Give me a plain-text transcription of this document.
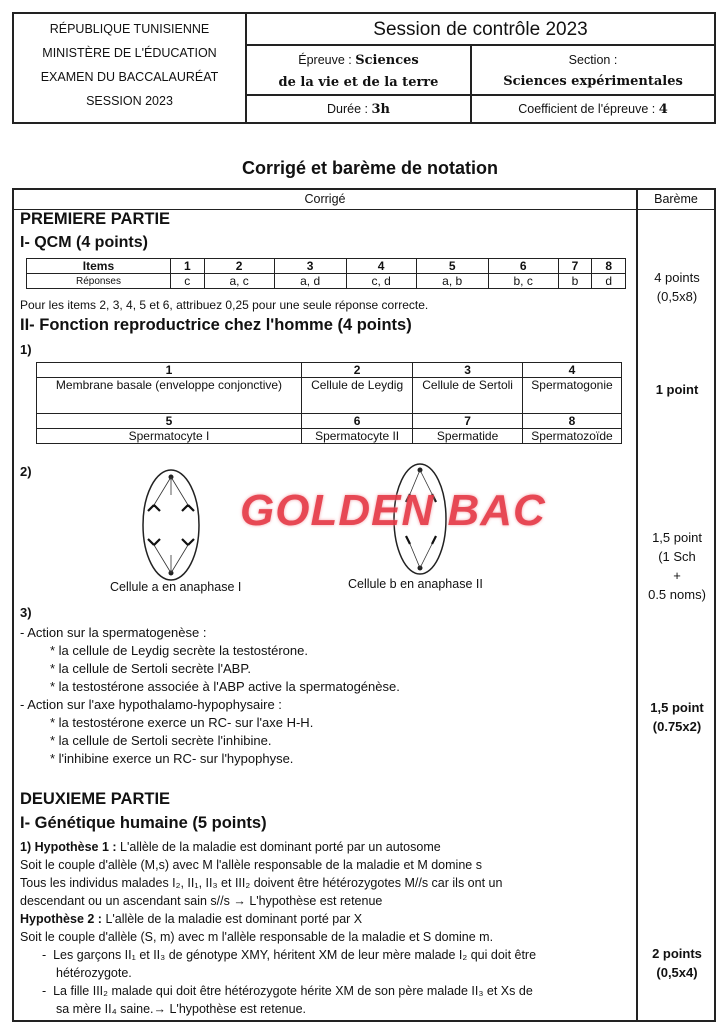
RÉPUBLIQUE TUNISIENNE
MINISTÈRE DE L'ÉDUCATION
EXAMEN DU BACCALAURÉAT
SESSION 2023
Session de contrôle 2023
Épreuve : Sciences
de la vie et de la terre
Section :
Sciences expérimentales
Durée : 3h	Coefficient de l'épreuve : 4
Corrigé et barème de notation
Corrigé	Barème
PREMIERE PARTIE
I- QCM (4 points)
Items	1	2	3	4	5	6	7	8
Réponses	c	a, c	a, d	c, d	a, b	b, c	b	d
Pour les items 2, 3, 4, 5 et 6, attribuez 0,25 pour une seule réponse correcte.
4 points
(0,5x8)
II- Fonction reproductrice chez l'homme (4 points)
1)
1	2	3	4
Membrane basale (enveloppe conjonctive)	Cellule de Leydig	Cellule de Sertoli	Spermatogonie
5	6	7	8
Spermatocyte I	Spermatocyte II	Spermatide	Spermatozoïde
1 point
2)
GOLDEN BAC
Cellule a en anaphase I	Cellule b en anaphase II
1,5 point
(1 Sch
+
0.5 noms)
3)
- Action sur la spermatogenèse :
* la cellule de Leydig secrète la testostérone.
* la cellule de Sertoli secrète l'ABP.
* la testostérone associée à l'ABP active la spermatogénèse.
- Action sur l'axe hypothalamo-hypophysaire :
* la testostérone exerce un RC- sur l'axe H-H.
* la cellule de Sertoli secrète l'inhibine.
* l'inhibine exerce un RC- sur l'hypophyse.
1,5 point
(0.75x2)
DEUXIEME PARTIE
I- Génétique humaine (5 points)
1) Hypothèse 1 : L'allèle de la maladie est dominant porté par un autosome
Soit le couple d'allèle (M,s) avec M l'allèle responsable de la maladie et M domine s
Tous les individus malades I₂, II₁, II₃ et III₂ doivent être hétérozygotes M//s car ils ont un
descendant ou un ascendant sain s//s → L'hypothèse est retenue
Hypothèse 2 : L'allèle de la maladie est dominant porté par X
Soit le couple d'allèle (S, m) avec m l'allèle responsable de la maladie et S domine m.
-  Les garçons II₁ et II₃ de génotype XMY, héritent XM de leur mère malade I₂ qui doit être
hétérozygote.
-  La fille III₂ malade qui doit être hétérozygote hérite XM de son père malade II₃ et Xs de
sa mère II₄ saine.→ L'hypothèse est retenue.
2 points
(0,5x4)
